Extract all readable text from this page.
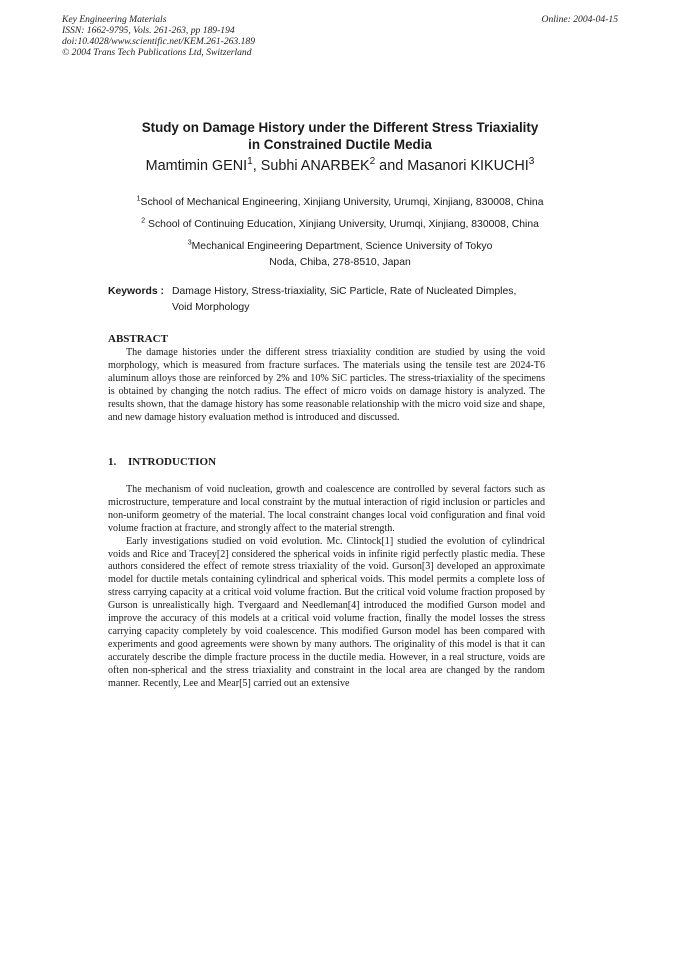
Key Engineering Materials
ISSN: 1662-9795, Vols. 261-263, pp 189-194
doi:10.4028/www.scientific.net/KEM.261-263.189
© 2004 Trans Tech Publications Ltd, Switzerland
Online: 2004-04-15
Study on Damage History under the Different Stress Triaxiality
in Constrained Ductile Media
Mamtimin GENI$^1$, Subhi ANARBEK$^2$ and Masanori KIKUCHI$^3$
$^1$School of Mechanical Engineering, Xinjiang University, Urumqi, Xinjiang, 830008, China
$^2$ School of Continuing Education, Xinjiang University, Urumqi, Xinjiang, 830008, China
$^3$Mechanical Engineering Department, Science University of Tokyo
Noda, Chiba, 278-8510, Japan
Keywords : Damage History, Stress-triaxiality, SiC Particle, Rate of Nucleated Dimples,
Void Morphology
ABSTRACT

The damage histories under the different stress triaxiality condition are studied by using the void morphology, which is measured from fracture surfaces. The materials using the tensile test are 2024-T6 aluminum alloys those are reinforced by 2% and 10% SiC particles. The stress-triaxiality of the specimens is obtained by changing the notch radius. The effect of micro voids on damage history is analyzed. The results shown, that the damage history has some reasonable relationship with the micro void size and shape, and new damage history evaluation method is introduced and discussed.

1. INTRODUCTION

The mechanism of void nucleation, growth and coalescence are controlled by several factors such as microstructure, temperature and local constraint by the mutual interaction of rigid inclusion or particles and non-uniform geometry of the material. The local constraint changes local void configuration and final void volume fraction at fracture, and strongly affect to the material strength.

Early investigations studied on void evolution. Mc. Clintock[1] studied the evolution of cylindrical voids and Rice and Tracey[2] considered the spherical voids in infinite rigid perfectly plastic media. These authors considered the effect of remote stress triaxiality of the void. Gurson[3] developed an approximate model for ductile metals containing cylindrical and spherical voids. This model permits a complete loss of stress carrying capacity at a critical void volume fraction. But the critical void volume fraction proposed by Gurson is unrealistically high. Tvergaard and Needleman[4] introduced the modified Gurson model and improve the accuracy of this models at a critical void volume fraction, finally the model losses the stress carrying capacity completely by void coalescence. This modified Gurson model has been compared with experiments and good agreements were shown by many authors. The originality of this model is that it can accurately describe the dimple fracture process in the ductile media. However, in a real structure, voids are often non-spherical and the stress triaxiality and constraint in the local area are changed by the random manner. Recently, Lee and Mear[5] carried out an extensive
